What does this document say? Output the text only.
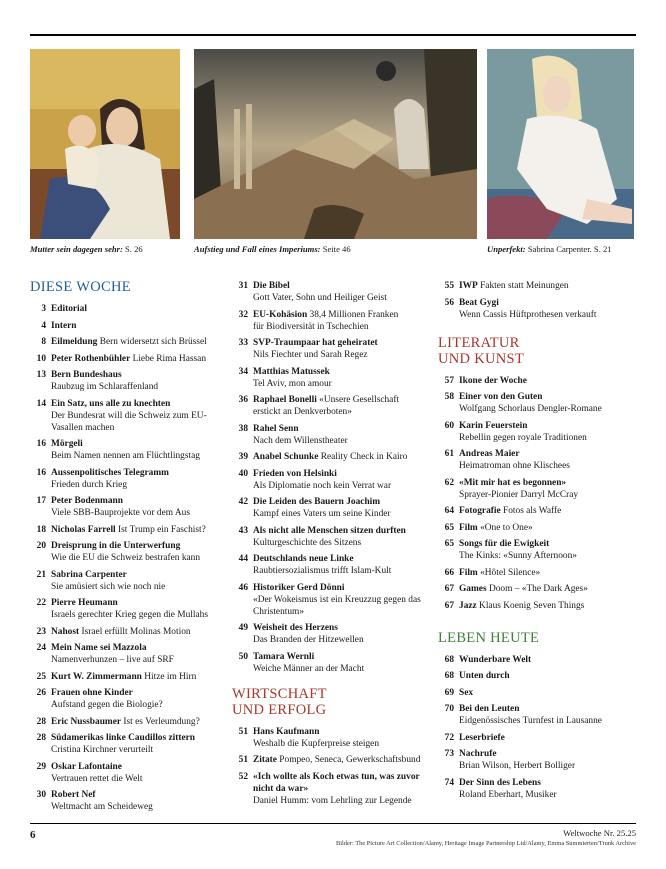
Mutter sein dagegen sehr: S. 26	Aufstieg und Fall eines Imperiums: Seite 46	Unperfekt: Sabrina Carpenter. S. 21
DIESE WOCHE
3 Editorial
4 Intern
8 Eilmeldung Bern widersetzt sich Brüssel
10 Peter Rothenbühler Liebe Rima Hassan
13 Bern Bundeshaus
Raubzug im Schlaraffenland
14 Ein Satz, uns alle zu knechten
Der Bundesrat will die Schweiz zum EU-Vasallen machen
16 Mörgeli
Beim Namen nennen am Flüchtlingstag
16 Aussenpolitisches Telegramm
Frieden durch Krieg
17 Peter Bodenmann
Viele SBB-Bauprojekte vor dem Aus
18 Nicholas Farrell Ist Trump ein Faschist?
20 Dreisprung in die Unterwerfung
Wie die EU die Schweiz bestrafen kann
21 Sabrina Carpenter
Sie amüsiert sich wie noch nie
22 Pierre Heumann
Israels gerechter Krieg gegen die Mullahs
23 Nahost Israel erfüllt Molinas Motion
24 Mein Name sei Mazzola
Namenverhunzen – live auf SRF
25 Kurt W. Zimmermann Hitze im Hirn
26 Frauen ohne Kinder
Aufstand gegen die Biologie?
28 Eric Nussbaumer Ist es Verleumdung?
28 Südamerikas linke Caudillos zittern
Cristina Kirchner verurteilt
29 Oskar Lafontaine
Vertrauen rettet die Welt
30 Robert Nef
Weltmacht am Scheideweg
31 Die Bibel
Gott Vater, Sohn und Heiliger Geist
32 EU-Kohäsion 38,4 Millionen Franken
für Biodiversität in Tschechien
33 SVP-Traumpaar hat geheiratet
Nils Fiechter und Sarah Regez
34 Matthias Matussek
Tel Aviv, mon amour
36 Raphael Bonelli «Unsere Gesellschaft
erstickt an Denkverboten»
38 Rahel Senn
Nach dem Willenstheater
39 Anabel Schunke Reality Check in Kairo
40 Frieden von Helsinki
Als Diplomatie noch kein Verrat war
42 Die Leiden des Bauern Joachim
Kampf eines Vaters um seine Kinder
43 Als nicht alle Menschen sitzen durften
Kulturgeschichte des Sitzens
44 Deutschlands neue Linke
Raubtiersozialismus trifft Islam-Kult
46 Historiker Gerd Dönni
«Der Wokeismus ist ein Kreuzzug gegen das Christentum»
49 Weisheit des Herzens
Das Branden der Hitzewellen
50 Tamara Wernli
Weiche Männer an der Macht
WIRTSCHAFT
UND ERFOLG
51 Hans Kaufmann
Weshalb die Kupferpreise steigen
51 Zitate Pompeo, Seneca, Gewerkschaftsbund
52 «Ich wollte als Koch etwas tun, was zuvor nicht da war»
Daniel Humm: vom Lehrling zur Legende
55 IWP Fakten statt Meinungen
56 Beat Gygi
Wenn Cassis Hüftprothesen verkauft
LITERATUR
UND KUNST
57 Ikone der Woche
58 Einer von den Guten
Wolfgang Schorlaus Dengler-Romane
60 Karin Feuerstein
Rebellin gegen royale Traditionen
61 Andreas Maier
Heimatroman ohne Klischees
62 «Mit mir hat es begonnen»
Sprayer-Pionier Darryl McCray
64 Fotografie Fotos als Waffe
65 Film «One to One»
65 Songs für die Ewigkeit
The Kinks: «Sunny Afternoon»
66 Film «Hôtel Silence»
67 Games Doom – «The Dark Ages»
67 Jazz Klaus Koenig Seven Things
LEBEN HEUTE
68 Wunderbare Welt
68 Unten durch
69 Sex
70 Bei den Leuten
Eidgenössisches Turnfest in Lausanne
72 Leserbriefe
73 Nachrufe
Brian Wilson, Herbert Bolliger
74 Der Sinn des Lebens
Roland Eberhart, Musiker
6	Weltwoche Nr. 25.25
Bilder: The Picture Art Collection/Alamy, Heritage Image Partnership Ltd/Alamy, Emma Summierten/Trunk Archive
